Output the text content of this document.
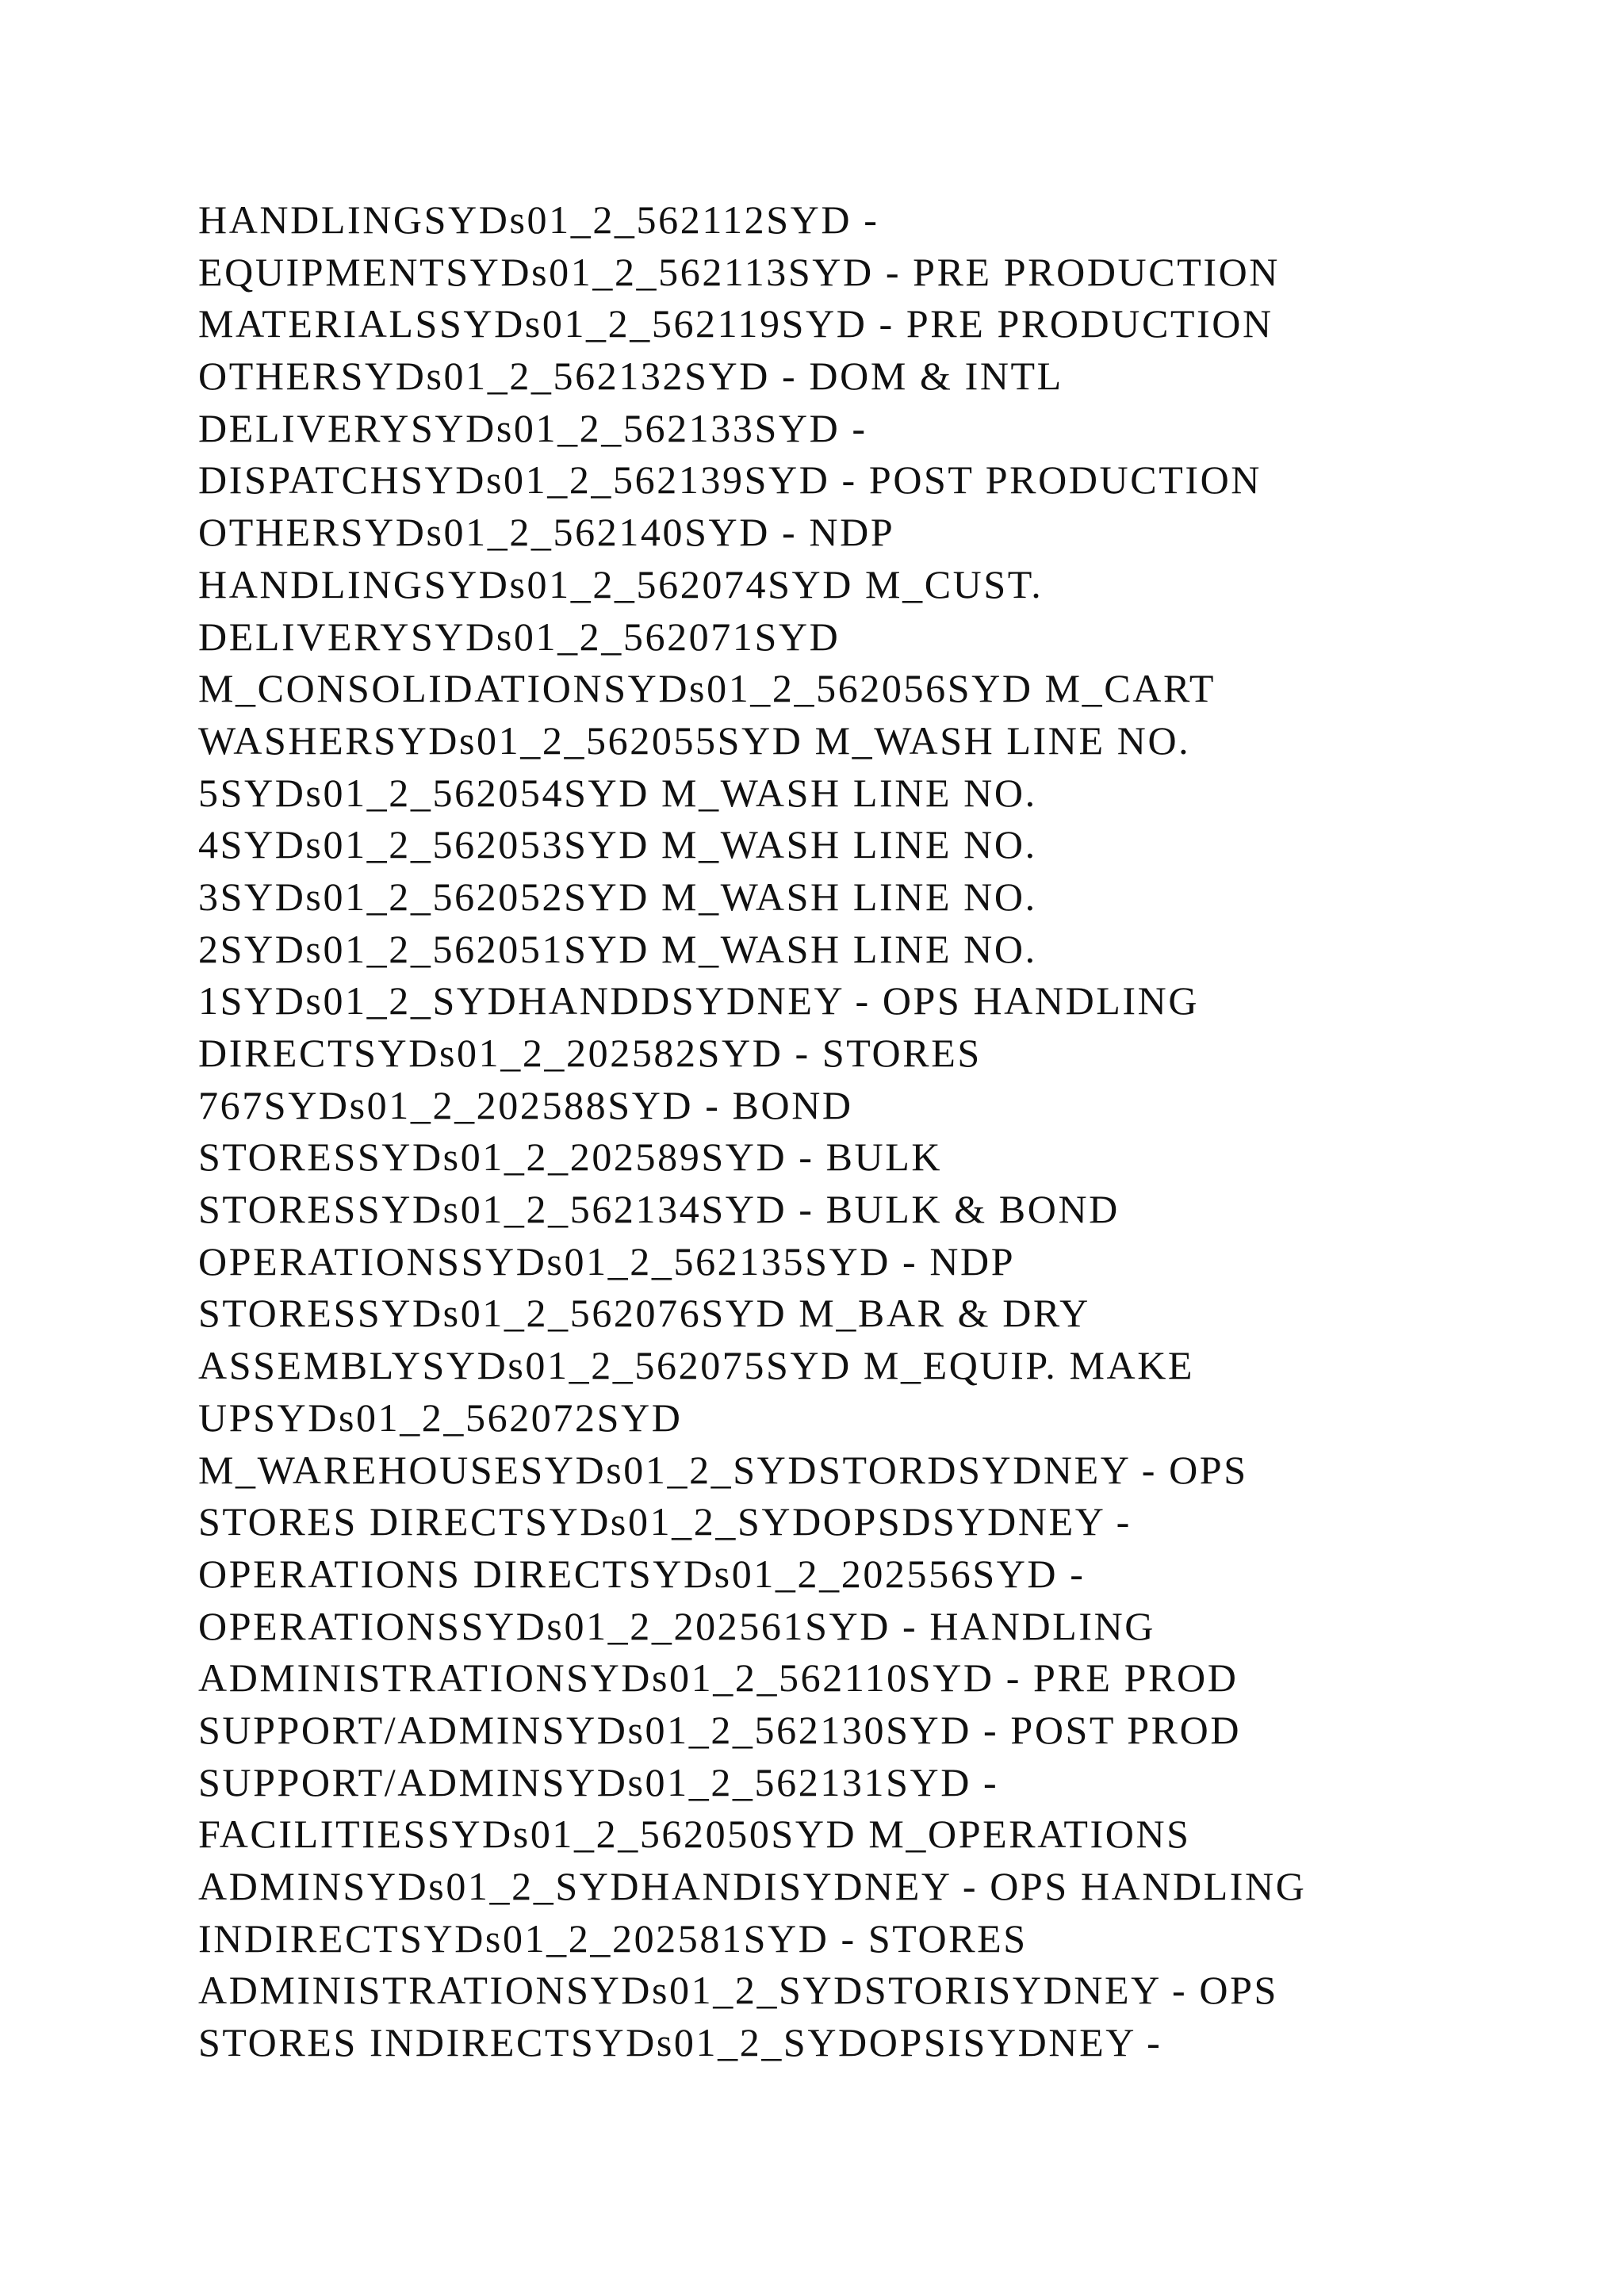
HANDLINGSYDs01_2_562112SYD -
EQUIPMENTSYDs01_2_562113SYD - PRE PRODUCTION
MATERIALSSYDs01_2_562119SYD - PRE PRODUCTION
OTHERSYDs01_2_562132SYD - DOM & INTL
DELIVERYSYDs01_2_562133SYD -
DISPATCHSYDs01_2_562139SYD - POST PRODUCTION
OTHERSYDs01_2_562140SYD - NDP
HANDLINGSYDs01_2_562074SYD M_CUST.
DELIVERYSYDs01_2_562071SYD
M_CONSOLIDATIONSYDs01_2_562056SYD M_CART
WASHERSYDs01_2_562055SYD M_WASH LINE NO.
5SYDs01_2_562054SYD M_WASH LINE NO.
4SYDs01_2_562053SYD M_WASH LINE NO.
3SYDs01_2_562052SYD M_WASH LINE NO.
2SYDs01_2_562051SYD M_WASH LINE NO.
1SYDs01_2_SYDHANDDSYDNEY - OPS HANDLING
DIRECTSYDs01_2_202582SYD - STORES
767SYDs01_2_202588SYD - BOND
STORESSYDs01_2_202589SYD - BULK
STORESSYDs01_2_562134SYD - BULK & BOND
OPERATIONSSYDs01_2_562135SYD - NDP
STORESSYDs01_2_562076SYD M_BAR & DRY
ASSEMBLYSYDs01_2_562075SYD M_EQUIP. MAKE
UPSYDs01_2_562072SYD
M_WAREHOUSESYDs01_2_SYDSTORDSYDNEY - OPS
STORES DIRECTSYDs01_2_SYDOPSDSYDNEY -
OPERATIONS DIRECTSYDs01_2_202556SYD -
OPERATIONSSYDs01_2_202561SYD - HANDLING
ADMINISTRATIONSYDs01_2_562110SYD - PRE PROD
SUPPORT/ADMINSYDs01_2_562130SYD - POST PROD
SUPPORT/ADMINSYDs01_2_562131SYD -
FACILITIESSYDs01_2_562050SYD M_OPERATIONS
ADMINSYDs01_2_SYDHANDISYDNEY - OPS HANDLING
INDIRECTSYDs01_2_202581SYD - STORES
ADMINISTRATIONSYDs01_2_SYDSTORISYDNEY - OPS
STORES INDIRECTSYDs01_2_SYDOPSISYDNEY -
